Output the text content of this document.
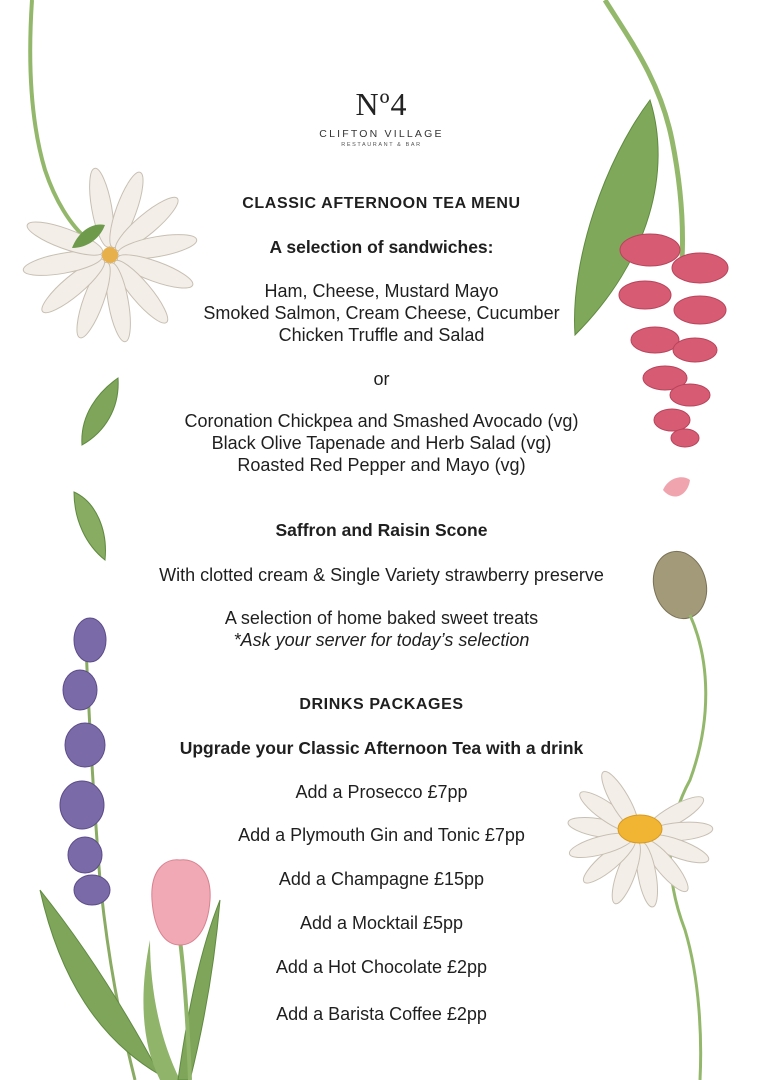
Nº4
CLIFTON VILLAGE
RESTAURANT & BAR
CLASSIC AFTERNOON TEA MENU
A selection of sandwiches:
Ham, Cheese, Mustard Mayo
Smoked Salmon, Cream Cheese, Cucumber
Chicken Truffle and Salad
or
Coronation Chickpea and Smashed Avocado (vg)
Black Olive Tapenade and Herb Salad (vg)
Roasted Red Pepper and Mayo (vg)
Saffron and Raisin Scone
With clotted cream & Single Variety strawberry preserve
A selection of home baked sweet treats
*Ask your server for today’s selection
DRINKS PACKAGES
Upgrade your Classic Afternoon Tea with a drink
Add a Prosecco £7pp
Add a Plymouth Gin and Tonic £7pp
Add a Champagne £15pp
Add a Mocktail £5pp
Add a Hot Chocolate £2pp
Add a Barista Coffee £2pp
